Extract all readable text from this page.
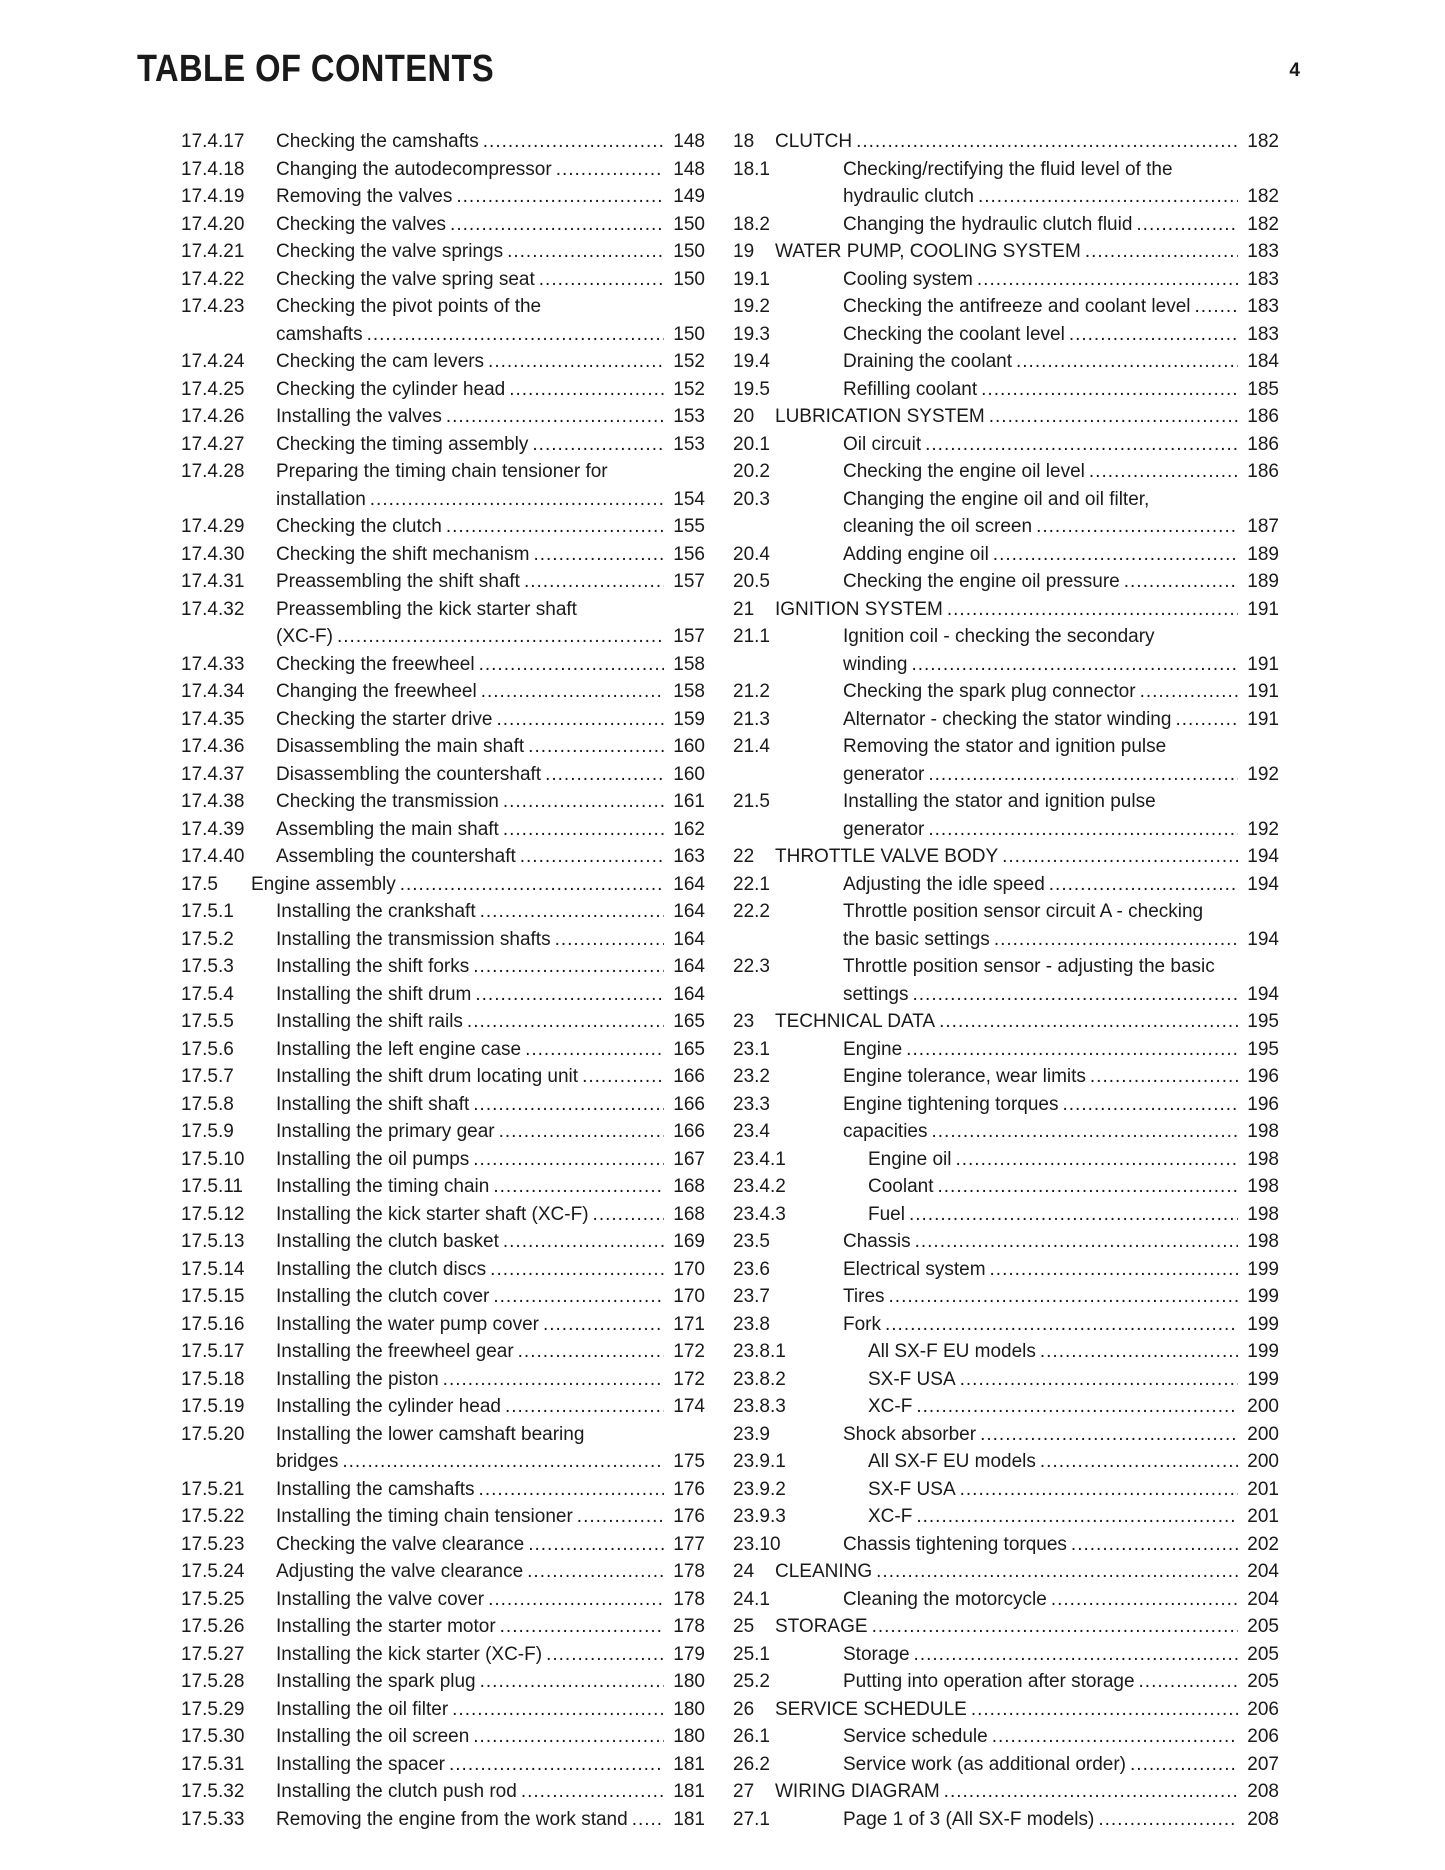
TABLE OF CONTENTS	4
17.4.17 Checking the camshafts .....	148
17.4.18 Changing the autodecompressor .....	148
17.4.19 Removing the valves .....	149
17.4.20 Checking the valves .....	150
17.4.21 Checking the valve springs .....	150
17.4.22 Checking the valve spring seat .....	150
17.4.23 Checking the pivot points of the
camshafts .....	150
17.4.24 Checking the cam levers .....	152
17.4.25 Checking the cylinder head .....	152
17.4.26 Installing the valves .....	153
17.4.27 Checking the timing assembly .....	153
17.4.28 Preparing the timing chain tensioner for
installation .....	154
17.4.29 Checking the clutch .....	155
17.4.30 Checking the shift mechanism .....	156
17.4.31 Preassembling the shift shaft .....	157
17.4.32 Preassembling the kick starter shaft
(XC-F) .....	157
17.4.33 Checking the freewheel .....	158
17.4.34 Changing the freewheel .....	158
17.4.35 Checking the starter drive .....	159
17.4.36 Disassembling the main shaft .....	160
17.4.37 Disassembling the countershaft .....	160
17.4.38 Checking the transmission .....	161
17.4.39 Assembling the main shaft .....	162
17.4.40 Assembling the countershaft .....	163
17.5 Engine assembly .....	164
17.5.1 Installing the crankshaft .....	164
17.5.2 Installing the transmission shafts .....	164
17.5.3 Installing the shift forks .....	164
17.5.4 Installing the shift drum .....	164
17.5.5 Installing the shift rails .....	165
17.5.6 Installing the left engine case .....	165
17.5.7 Installing the shift drum locating unit .....	166
17.5.8 Installing the shift shaft .....	166
17.5.9 Installing the primary gear .....	166
17.5.10 Installing the oil pumps .....	167
17.5.11 Installing the timing chain .....	168
17.5.12 Installing the kick starter shaft (XC-F) .....	168
17.5.13 Installing the clutch basket .....	169
17.5.14 Installing the clutch discs .....	170
17.5.15 Installing the clutch cover .....	170
17.5.16 Installing the water pump cover .....	171
17.5.17 Installing the freewheel gear .....	172
17.5.18 Installing the piston .....	172
17.5.19 Installing the cylinder head .....	174
17.5.20 Installing the lower camshaft bearing
bridges .....	175
17.5.21 Installing the camshafts .....	176
17.5.22 Installing the timing chain tensioner .....	176
17.5.23 Checking the valve clearance .....	177
17.5.24 Adjusting the valve clearance .....	178
17.5.25 Installing the valve cover .....	178
17.5.26 Installing the starter motor .....	178
17.5.27 Installing the kick starter (XC-F) .....	179
17.5.28 Installing the spark plug .....	180
17.5.29 Installing the oil filter .....	180
17.5.30 Installing the oil screen .....	180
17.5.31 Installing the spacer .....	181
17.5.32 Installing the clutch push rod .....	181
17.5.33 Removing the engine from the work stand ..... 181
18 CLUTCH .....	182
18.1	Checking/rectifying the fluid level of the
hydraulic clutch .....	182
18.2	Changing the hydraulic clutch fluid .....	182
19 WATER PUMP, COOLING SYSTEM .....	183
19.1	Cooling system .....	183
19.2	Checking the antifreeze and coolant level .....	183
19.3	Checking the coolant level .....	183
19.4	Draining the coolant .....	184
19.5	Refilling coolant .....	185
20 LUBRICATION SYSTEM .....	186
20.1	Oil circuit .....	186
20.2	Checking the engine oil level .....	186
20.3	Changing the engine oil and oil filter,
cleaning the oil screen .....	187
20.4	Adding engine oil .....	189
20.5	Checking the engine oil pressure .....	189
21 IGNITION SYSTEM .....	191
21.1	Ignition coil - checking the secondary
winding .....	191
21.2	Checking the spark plug connector .....	191
21.3	Alternator - checking the stator winding .....	191
21.4	Removing the stator and ignition pulse
generator .....	192
21.5	Installing the stator and ignition pulse
generator .....	192
22 THROTTLE VALVE BODY .....	194
22.1	Adjusting the idle speed .....	194
22.2	Throttle position sensor circuit A - checking
the basic settings .....	194
22.3	Throttle position sensor - adjusting the basic
settings .....	194
23 TECHNICAL DATA .....	195
23.1	Engine .....	195
23.2	Engine tolerance, wear limits .....	196
23.3	Engine tightening torques .....	196
23.4	capacities .....	198
23.4.1	Engine oil .....	198
23.4.2	Coolant .....	198
23.4.3	Fuel .....	198
23.5	Chassis .....	198
23.6	Electrical system .....	199
23.7	Tires .....	199
23.8	Fork .....	199
23.8.1	All SX-F EU models .....	199
23.8.2	SX-F USA .....	199
23.8.3	XC-F .....	200
23.9	Shock absorber .....	200
23.9.1	All SX-F EU models .....	200
23.9.2	SX-F USA .....	201
23.9.3	XC-F .....	201
23.10	Chassis tightening torques .....	202
24 CLEANING .....	204
24.1	Cleaning the motorcycle .....	204
25 STORAGE .....	205
25.1	Storage .....	205
25.2	Putting into operation after storage .....	205
26 SERVICE SCHEDULE .....	206
26.1	Service schedule .....	206
26.2	Service work (as additional order) .....	207
27 WIRING DIAGRAM .....	208
27.1	Page 1 of 3 (All SX-F models) .....	208
